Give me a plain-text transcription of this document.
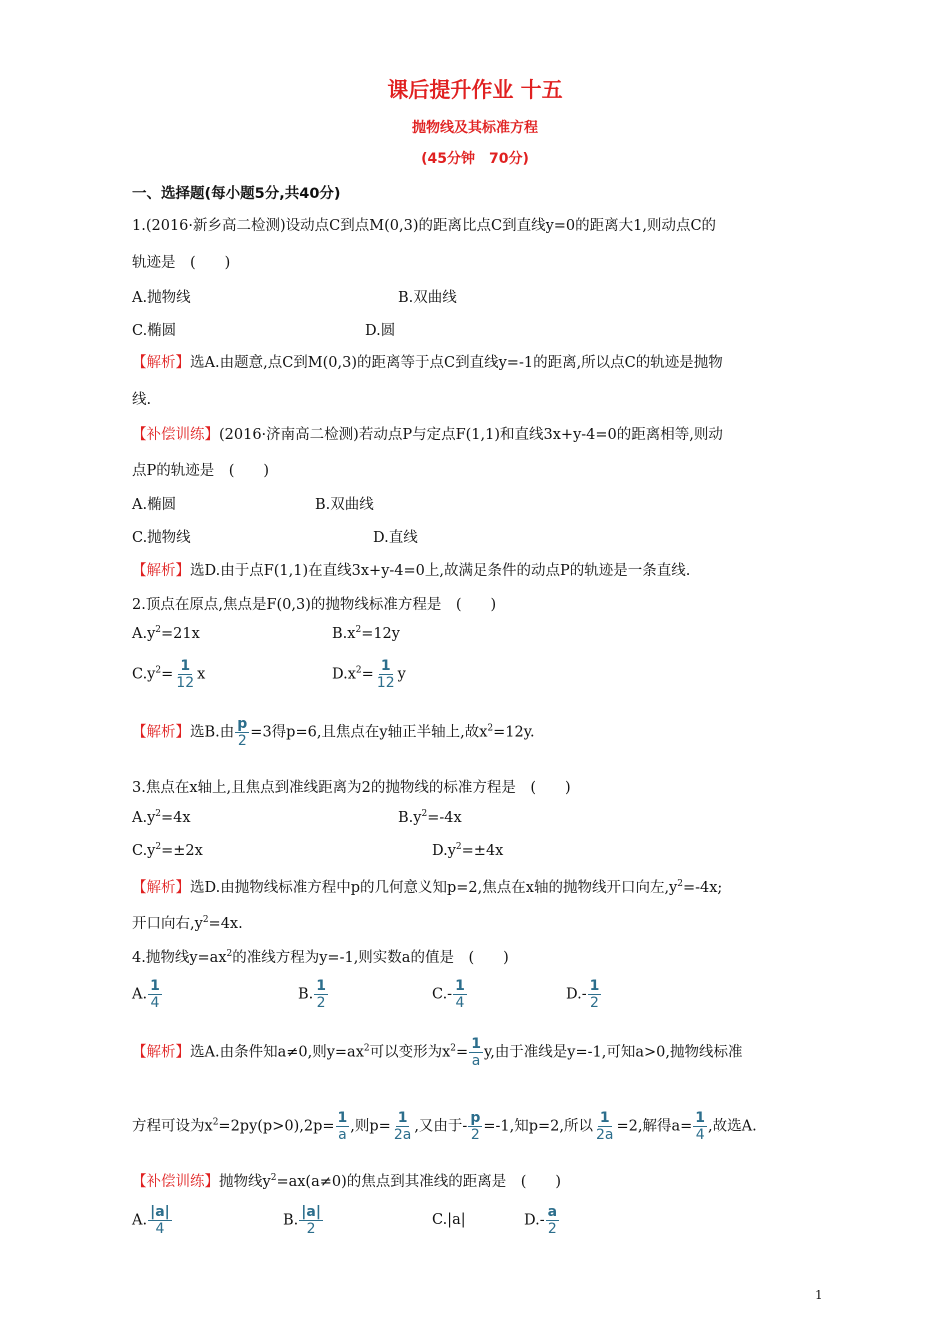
课后提升作业 十五
抛物线及其标准方程
(45分钟　70分)
一、选择题(每小题5分,共40分)
1.(2016·新乡高二检测)设动点C到点M(0,3)的距离比点C到直线y=0的距离大1,则动点C的
轨迹是　(　　)
A.抛物线	B.双曲线
C.椭圆	D.圆
【解析】选A.由题意,点C到M(0,3)的距离等于点C到直线y=-1的距离,所以点C的轨迹是抛物
线.
【补偿训练】(2016·济南高二检测)若动点P与定点F(1,1)和直线3x+y-4=0的距离相等,则动
点P的轨迹是　(　　)
A.椭圆	B.双曲线
C.抛物线	D.直线
【解析】选D.由于点F(1,1)在直线3x+y-4=0上,故满足条件的动点P的轨迹是一条直线.
2.顶点在原点,焦点是F(0,3)的抛物线标准方程是　(　　)
$A.y^2=21x$	$B.x^2=12y$
$C.y^2= \frac{1}{12}$ x	$D.x^2= \frac{1}{12}$ y
【解析】选B.由 $\frac{p}{2} =3$得p=6,且焦点在y轴正半轴上,故$x^2=12y$.
3.焦点在x轴上,且焦点到准线距离为2的抛物线的标准方程是　(　　)
$A.y^2=4x$	$B.y^2=-4x$
$C.y^2=\pm 2x$	$D.y^2=\pm 4x$
【解析】选D.由抛物线标准方程中p的几何意义知p=2,焦点在x轴的抛物线开口向左$,y^2=-4x$;
开口向右$,y^2=4x$.
4.抛物线$y=ax^2$的准线方程为y=-1,则实数a的值是　(　　)
A. $\frac{1}{4}$	B. $\frac{1}{2}$	$C.- \frac{1}{4}$	$D.- \frac{1}{2}$
【解析】选A.由条件知a≠0,则$y=ax^2$可以变形为$x^2= \frac{1}{a} y$,由于准线是y=-1,可知a>0,抛物线标准
方程可设为$x^2=2py(p>0),2p= \frac{1}{a}$ ,则$p= \frac{1}{2a}$ ,又由于- $\frac{p}{2} =-1$,知p=2,所以 $\frac{1}{2a} =2$,解得$a= \frac{1}{4}$ ,故选A.
【补偿训练】抛物线$y^2=ax(a\ne 0)$的焦点到其准线的距离是　(　　)
A. $\frac{|a|}{4}$	B. $\frac{|a|}{2}$	C.|a|	$D.- \frac{a}{2}$
1
